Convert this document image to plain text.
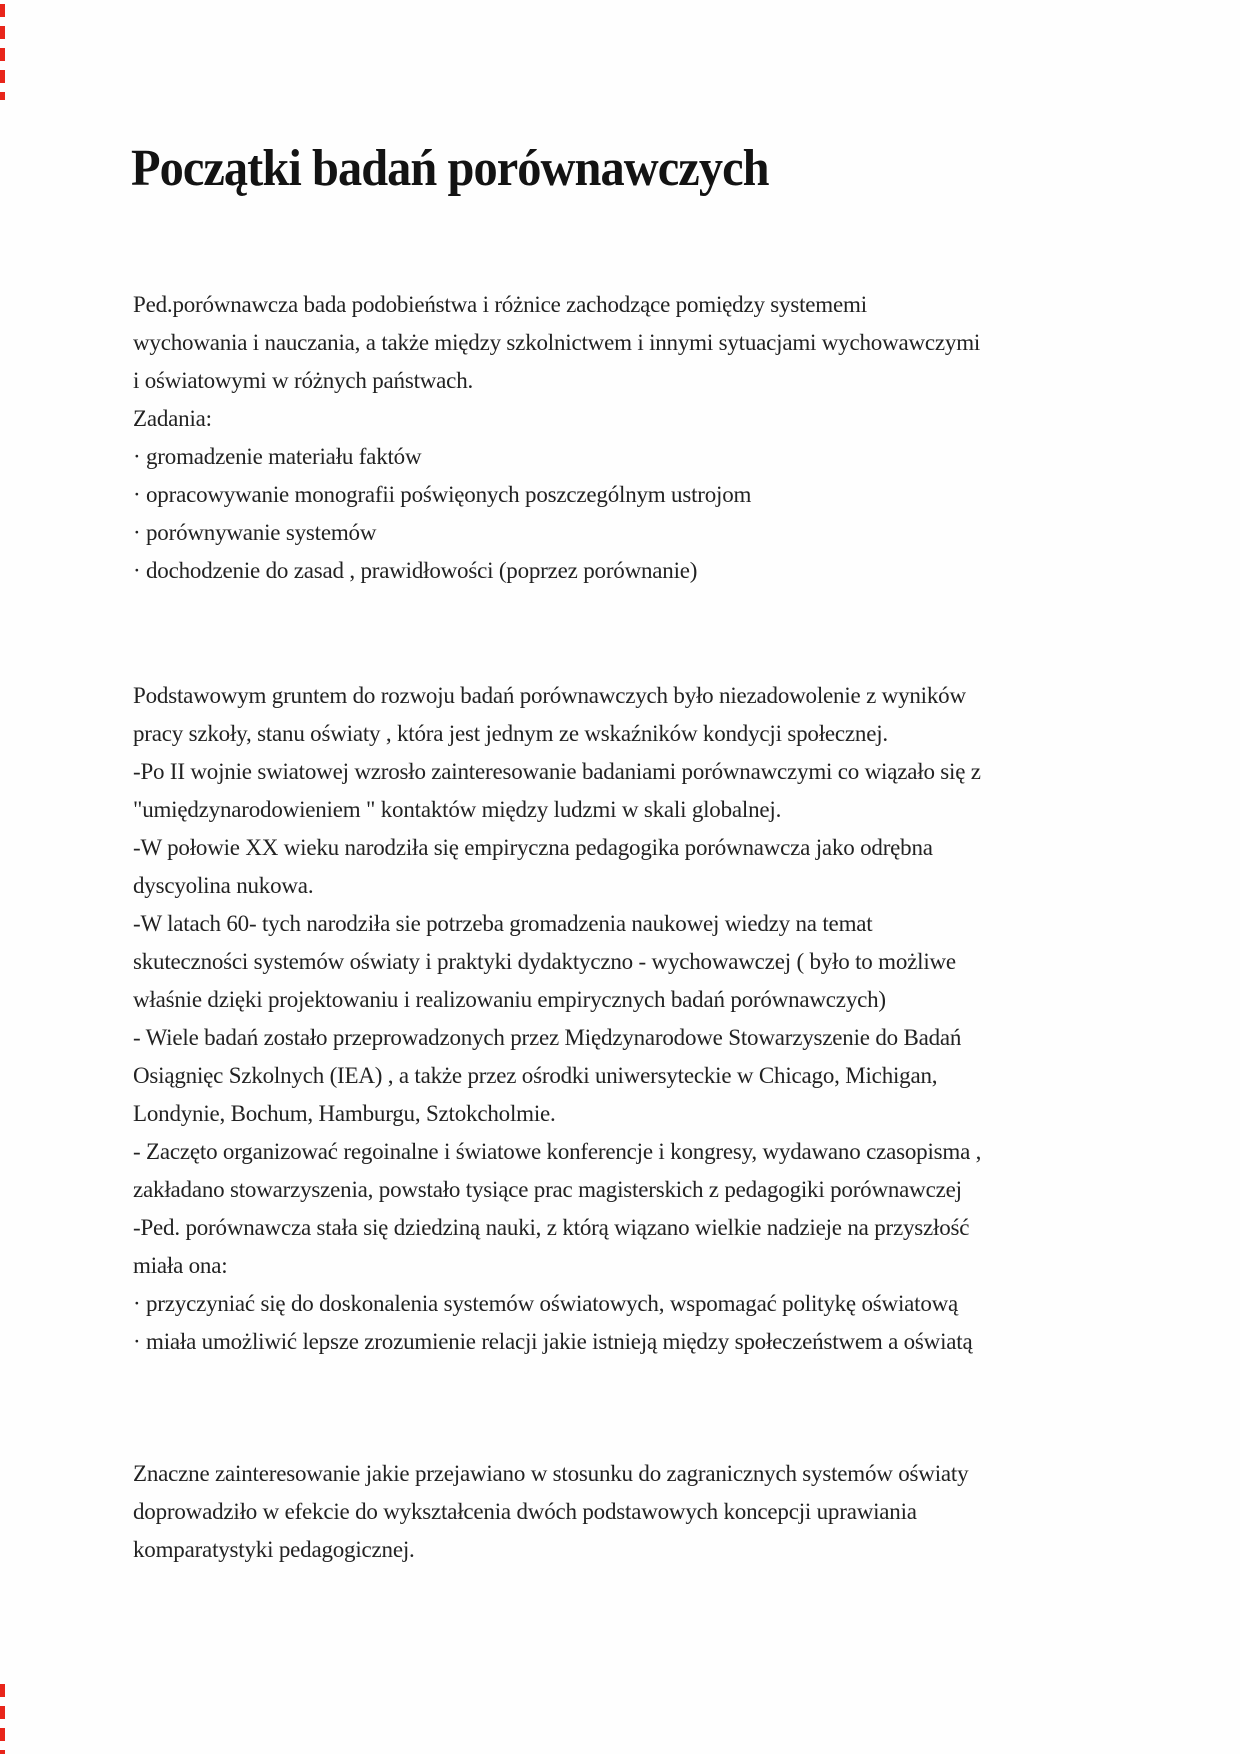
Początki badań porównawczych
Ped.porównawcza bada podobieństwa i różnice zachodzące pomiędzy systememi
wychowania i nauczania, a także między szkolnictwem i innymi sytuacjami wychowawczymi
i oświatowymi w różnych państwach.
Zadania:
· gromadzenie materiału faktów
· opracowywanie monografii poświęonych poszczególnym ustrojom
· porównywanie systemów
· dochodzenie do zasad , prawidłowości (poprzez porównanie)
Podstawowym gruntem do rozwoju badań porównawczych było niezadowolenie z wyników
pracy szkoły, stanu oświaty , która jest jednym ze wskaźników kondycji społecznej.
-Po II wojnie swiatowej wzrosło zainteresowanie badaniami porównawczymi co wiązało się z
"umiędzynarodowieniem " kontaktów między ludzmi w skali globalnej.
-W połowie XX wieku narodziła się empiryczna pedagogika porównawcza jako odrębna
dyscyolina nukowa.
-W latach 60- tych narodziła sie potrzeba gromadzenia naukowej wiedzy na temat
skuteczności systemów oświaty i praktyki dydaktyczno - wychowawczej ( było to możliwe
właśnie dzięki projektowaniu i realizowaniu empirycznych badań porównawczych)
- Wiele badań zostało przeprowadzonych przez Międzynarodowe Stowarzyszenie do Badań
Osiągnięc Szkolnych (IEA) , a także przez ośrodki uniwersyteckie w Chicago, Michigan,
Londynie, Bochum, Hamburgu, Sztokcholmie.
- Zaczęto organizować regoinalne i światowe konferencje i kongresy, wydawano czasopisma ,
zakładano stowarzyszenia, powstało tysiące prac magisterskich z pedagogiki porównawczej
-Ped. porównawcza stała się dziedziną nauki, z którą wiązano wielkie nadzieje na przyszłość
miała ona:
· przyczyniać się do doskonalenia systemów oświatowych, wspomagać politykę oświatową
· miała umożliwić lepsze zrozumienie relacji jakie istnieją między społeczeństwem a oświatą
Znaczne zainteresowanie jakie przejawiano w stosunku do zagranicznych systemów oświaty
doprowadziło w efekcie do wykształcenia dwóch podstawowych koncepcji uprawiania
komparatystyki pedagogicznej.
